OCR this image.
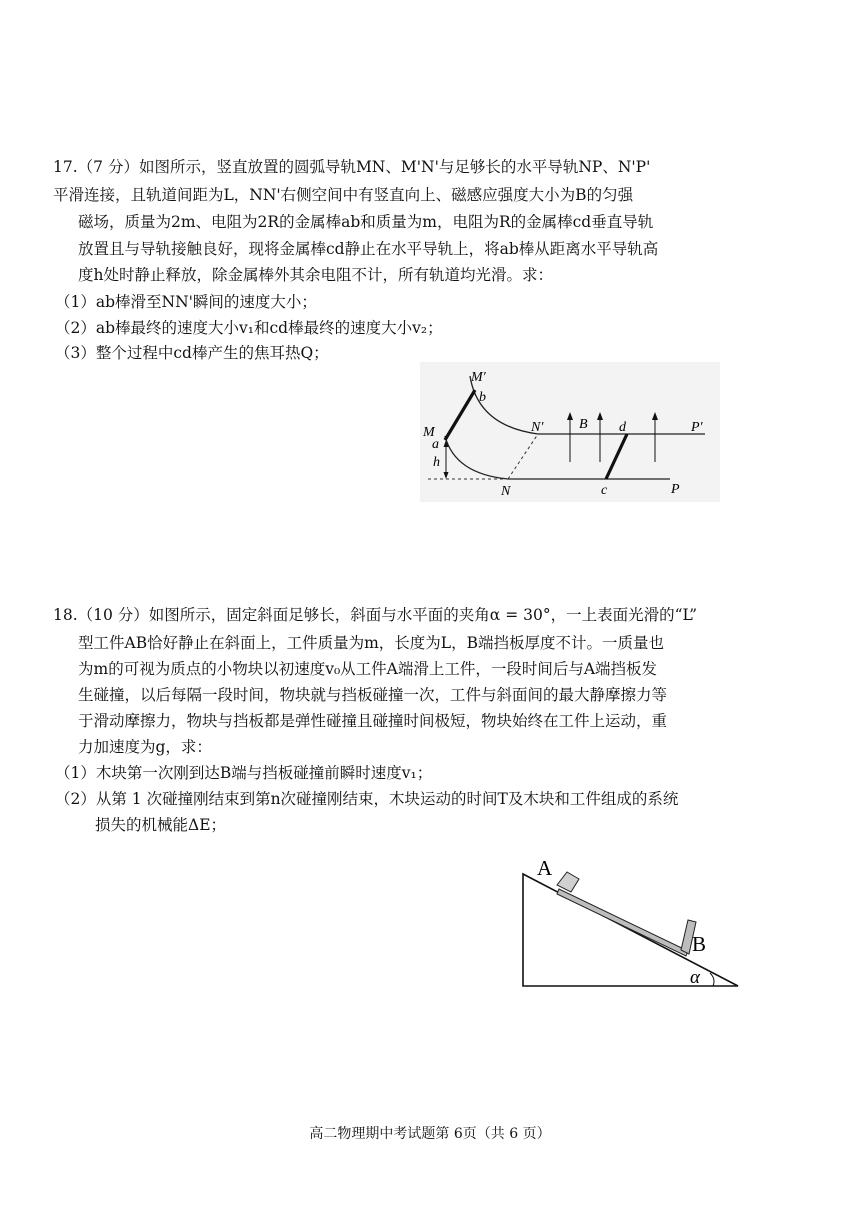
17.（7 分）如图所示，竖直放置的圆弧导轨MN、M'N'与足够长的水平导轨NP、N'P'
平滑连接，且轨道间距为L，NN'右侧空间中有竖直向上、磁感应强度大小为B的匀强
磁场，质量为2m、电阻为2R的金属棒ab和质量为m，电阻为R的金属棒cd垂直导轨
放置且与导轨接触良好，现将金属棒cd静止在水平导轨上，将ab棒从距离水平导轨高
度h处时静止释放，除金属棒外其余电阻不计，所有轨道均光滑。求：
（1）ab棒滑至NN'瞬间的速度大小；
（2）ab棒最终的速度大小v₁和cd棒最终的速度大小v₂；
（3）整个过程中cd棒产生的焦耳热Q；
M′
b
M
a
h
N′	B d	P′
N	c	P
18.（10 分）如图所示，固定斜面足够长，斜面与水平面的夹角α = 30°，一上表面光滑的“L”
型工件AB恰好静止在斜面上，工件质量为m，长度为L，B端挡板厚度不计。一质量也
为m的可视为质点的小物块以初速度v₀从工件A端滑上工件，一段时间后与A端挡板发
生碰撞，以后每隔一段时间，物块就与挡板碰撞一次，工件与斜面间的最大静摩擦力等
于滑动摩擦力，物块与挡板都是弹性碰撞且碰撞时间极短，物块始终在工件上运动，重
力加速度为g，求：
（1）木块第一次刚到达B端与挡板碰撞前瞬时速度v₁；
（2）从第 1 次碰撞刚结束到第n次碰撞刚结束，木块运动的时间T及木块和工件组成的系统
损失的机械能ΔE；
A
B
α
高二物理期中考试题第 6页（共 6 页）
